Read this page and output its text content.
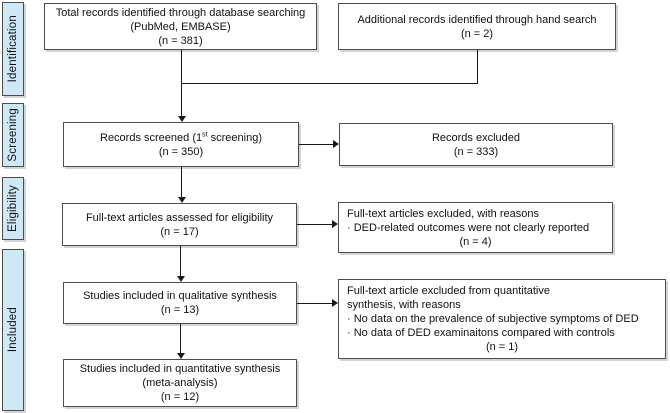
Identification
Screening
Eligibility
Included
Total records identified through database searching
(PubMed, EMBASE)
(n = 381)
Additional records identified through hand search
(n = 2)
Records screened (1st screening)
(n = 350)
Records excluded
(n = 333)
Full-text articles assessed for eligibility
(n = 17)
Full-text articles excluded, with reasons
· DED-related outcomes were not clearly reported
(n = 4)
Studies included in qualitative synthesis
(n = 13)
Full-text article excluded from quantitative
synthesis, with reasons
· No data on the prevalence of subjective symptoms of DED
· No data of DED examinaitons compared with controls
(n = 1)
Studies included in quantitative synthesis
(meta-analysis)
(n = 12)
